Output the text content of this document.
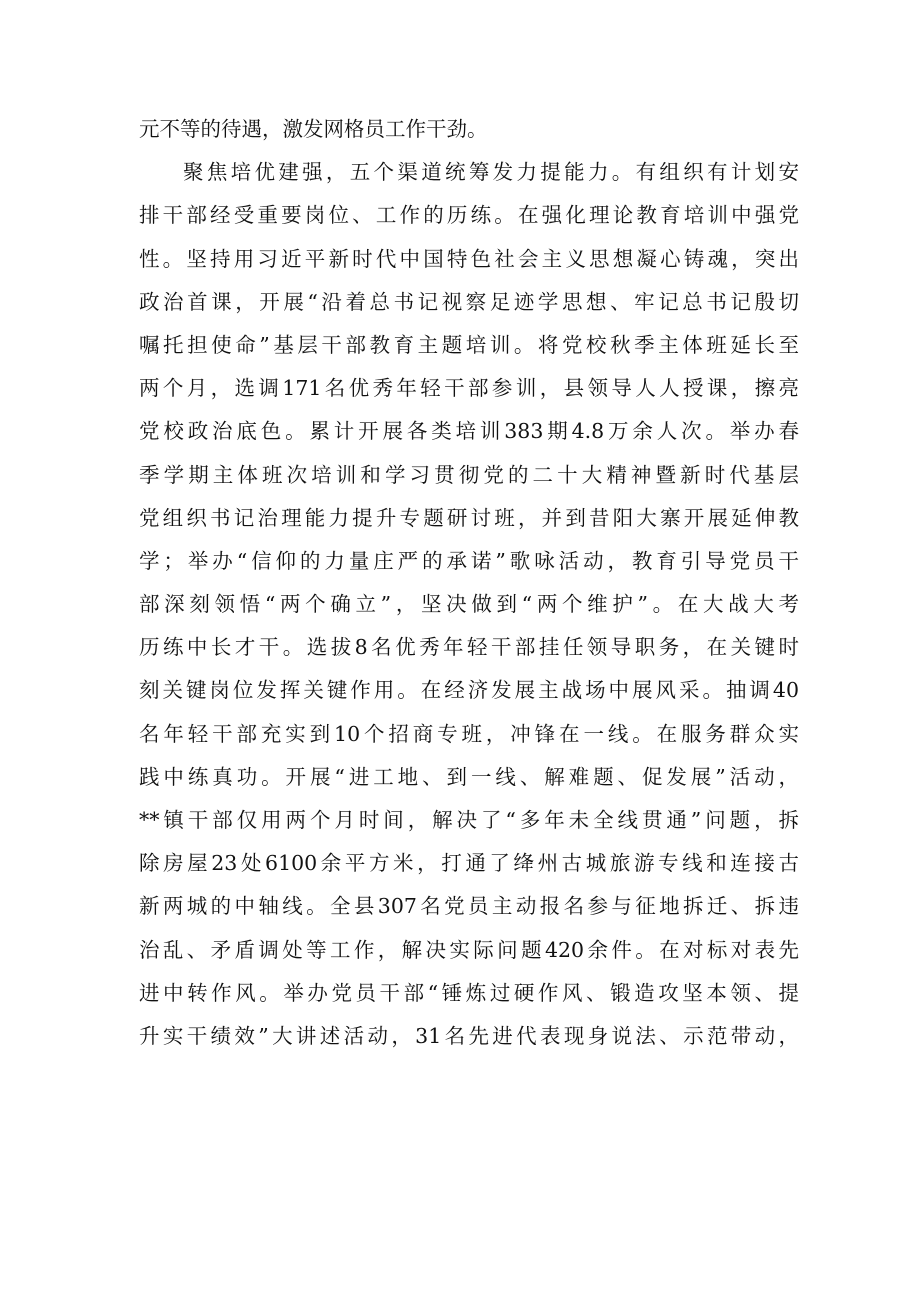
元不等的待遇，激发网格员工作干劲。
聚焦培优建强，五个渠道统筹发力提能力。有组织有计划安
排干部经受重要岗位、工作的历练。在强化理论教育培训中强党
性。坚持用习近平新时代中国特色社会主义思想凝心铸魂，突出
政治首课，开展“沿着总书记视察足迹学思想、牢记总书记殷切
嘱托担使命”基层干部教育主题培训。将党校秋季主体班延长至
两个月，选调171名优秀年轻干部参训，县领导人人授课，擦亮
党校政治底色。累计开展各类培训383期4.8万余人次。举办春
季学期主体班次培训和学习贯彻党的二十大精神暨新时代基层
党组织书记治理能力提升专题研讨班，并到昔阳大寨开展延伸教
学；举办“信仰的力量庄严的承诺”歌咏活动，教育引导党员干
部深刻领悟“两个确立”，坚决做到“两个维护”。在大战大考
历练中长才干。选拔8名优秀年轻干部挂任领导职务，在关键时
刻关键岗位发挥关键作用。在经济发展主战场中展风采。抽调40
名年轻干部充实到10个招商专班，冲锋在一线。在服务群众实
践中练真功。开展“进工地、到一线、解难题、促发展”活动，
**镇干部仅用两个月时间，解决了“多年未全线贯通”问题，拆
除房屋23处6100余平方米，打通了绛州古城旅游专线和连接古
新两城的中轴线。全县307名党员主动报名参与征地拆迁、拆违
治乱、矛盾调处等工作，解决实际问题420余件。在对标对表先
进中转作风。举办党员干部“锤炼过硬作风、锻造攻坚本领、提
升实干绩效”大讲述活动，31名先进代表现身说法、示范带动，
